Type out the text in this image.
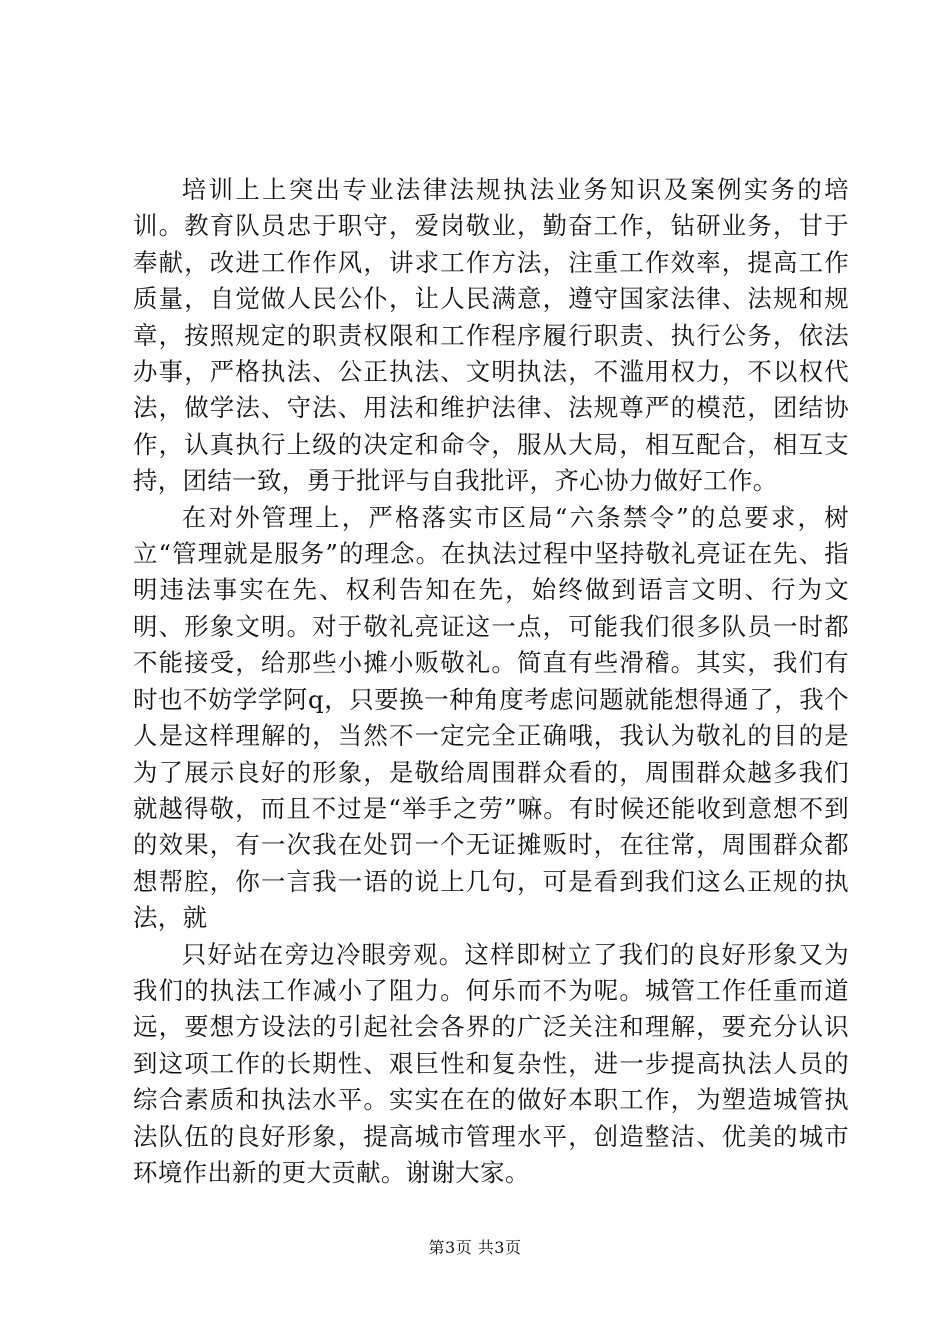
培训上上突出专业法律法规执法业务知识及案例实务的培训。教育队员忠于职守，爱岗敬业，勤奋工作，钻研业务，甘于奉献，改进工作作风，讲求工作方法，注重工作效率，提高工作质量，自觉做人民公仆，让人民满意，遵守国家法律、法规和规章，按照规定的职责权限和工作程序履行职责、执行公务，依法办事，严格执法、公正执法、文明执法，不滥用权力，不以权代法，做学法、守法、用法和维护法律、法规尊严的模范，团结协作，认真执行上级的决定和命令，服从大局，相互配合，相互支持，团结一致，勇于批评与自我批评，齐心协力做好工作。

在对外管理上，严格落实市区局“六条禁令”的总要求，树立“管理就是服务”的理念。在执法过程中坚持敬礼亮证在先、指明违法事实在先、权利告知在先，始终做到语言文明、行为文明、形象文明。对于敬礼亮证这一点，可能我们很多队员一时都不能接受，给那些小摊小贩敬礼。简直有些滑稽。其实，我们有时也不妨学学阿q，只要换一种角度考虑问题就能想得通了，我个人是这样理解的，当然不一定完全正确哦，我认为敬礼的目的是为了展示良好的形象，是敬给周围群众看的，周围群众越多我们就越得敬，而且不过是“举手之劳”嘛。有时候还能收到意想不到的效果，有一次我在处罚一个无证摊贩时，在往常，周围群众都想帮腔，你一言我一语的说上几句，可是看到我们这么正规的执法，就

只好站在旁边冷眼旁观。这样即树立了我们的良好形象又为我们的执法工作减小了阻力。何乐而不为呢。城管工作任重而道远，要想方设法的引起社会各界的广泛关注和理解，要充分认识到这项工作的长期性、艰巨性和复杂性，进一步提高执法人员的综合素质和执法水平。实实在在的做好本职工作，为塑造城管执法队伍的良好形象，提高城市管理水平，创造整洁、优美的城市环境作出新的更大贡献。谢谢大家。

第3页 共3页
